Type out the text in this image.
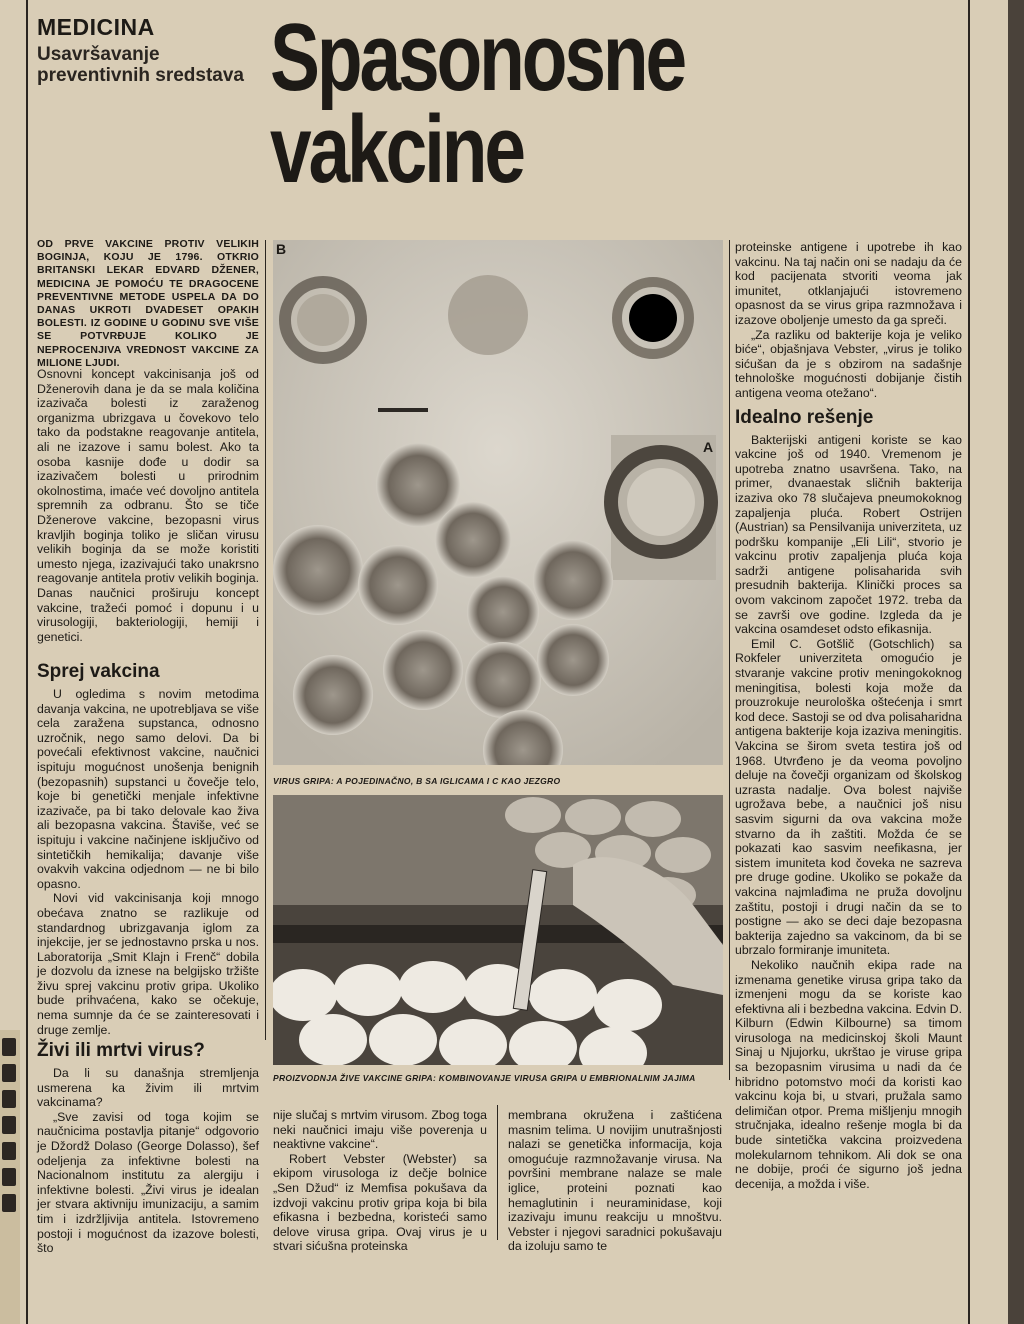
MEDICINA
Usavršavanje preventivnih sredstava Spasonosne
vakcine
OD PRVE VAKCINE PROTIV VELIKIH BOGINJA, KOJU JE 1796. OTKRIO BRITANSKI LEKAR EDVARD DŽENER, MEDICINA JE POMOĆU TE DRAGOCENE PREVENTIVNE METODE USPELA DA DO DANAS UKROTI DVADESET OPAKIH BOLESTI. IZ GODINE U GODINU SVE VIŠE SE POTVRĐUJE KOLIKO JE NEPROCENJIVA VREDNOST VAKCINE ZA MILIONE LJUDI.

Osnovni koncept vakcinisanja još od Dženerovih dana je da se mala količina izazivača bolesti iz zaraženog organizma ubrizgava u čovekovo telo tako da podstakne reagovanje antitela, ali ne izazove i samu bolest. Ako ta osoba kasnije dođe u dodir sa izazivačem bolesti u prirodnim okolnostima, imaće već dovoljno antitela spremnih za odbranu. Što se tiče Dženerove vakcine, bezopasni virus kravljih boginja toliko je sličan virusu velikih boginja da se može koristiti umesto njega, izazivajući tako unakrsno reagovanje antitela protiv velikih boginja. Danas naučnici proširuju koncept vakcine, tražeći pomoć i dopunu i u virusologiji, bakteriologiji, hemiji i genetici.

Sprej vakcina

U ogledima s novim metodima davanja vakcina, ne upotrebljava se više cela zaražena supstanca, odnosno uzročnik, nego samo delovi. Da bi povećali efektivnost vakcine, naučnici ispituju mogućnost unošenja benignih (bezopasnih) supstanci u čovečje telo, koje bi genetički menjale infektivne izazivače, pa bi tako delovale kao živa ali bezopasna vakcina. Štaviše, već se ispituju i vakcine načinjene isključivo od sintetičkih hemikalija; davanje više ovakvih vakcina odjednom — ne bi bilo opasno.

Novi vid vakcinisanja koji mnogo obećava znatno se razlikuje od standardnog ubrizgavanja iglom za injekcije, jer se jednostavno prska u nos. Laboratorija „Smit Klajn i Frenč“ dobila je dozvolu da iznese na belgijsko tržište živu sprej vakcinu protiv gripa. Ukoliko bude prihvaćena, kako se očekuje, nema sumnje da će se zainteresovati i druge zemlje.

Živi ili mrtvi virus?

Da li su današnja stremljenja usmerena ka živim ili mrtvim vakcinama?

„Sve zavisi od toga kojim se naučnicima postavlja pitanje“ odgovorio je Džordž Dolaso (George Dolasso), šef odeljenja za infektivne bolesti na Nacionalnom institutu za alergiju i infektivne bolesti. „Živi virus je idealan jer stvara aktivniju imunizaciju, a samim tim i izdržljivija antitela. Istovremeno postoji i mogućnost da izazove bolesti, što

A
B
VIRUS GRIPA: A POJEDINAČNO, B SA IGLICAMA I C KAO JEZGRO
PROIZVODNJA ŽIVE VAKCINE GRIPA: KOMBINOVANJE VIRUSA GRIPA U EMBRIONALNIM JAJIMA

nije slučaj s mrtvim virusom. Zbog toga neki naučnici imaju više poverenja u neaktivne vakcine“.

Robert Vebster (Webster) sa ekipom virusologa iz dečje bolnice „Sen Džud“ iz Memfisa pokušava da izdvoji vakcinu protiv gripa koja bi bila efikasna i bezbedna, koristeći samo delove virusa gripa. Ovaj virus je u stvari sićušna proteinska

membrana okružena i zaštićena masnim telima. U novijim unutrašnjosti nalazi se genetička informacija, koja omogućuje razmnožavanje virusa. Na površini membrane nalaze se male iglice, proteini poznati kao hemaglutinin i neuraminidase, koji izazivaju imunu reakciju u mnoštvu. Vebster i njegovi saradnici pokušavaju da izoluju samo te

proteinske antigene i upotrebe ih kao vakcinu. Na taj način oni se nadaju da će kod pacijenata stvoriti veoma jak imunitet, otklanjajući istovremeno opasnost da se virus gripa razmnožava i izazove oboljenje umesto da ga spreči.

„Za razliku od bakterije koja je veliko biće“, objašnjava Vebster, „virus je toliko sićušan da je s obzirom na sadašnje tehnološke mogućnosti dobijanje čistih antigena veoma otežano“.

Idealno rešenje

Bakterijski antigeni koriste se kao vakcine još od 1940. Vremenom je upotreba znatno usavršena. Tako, na primer, dvanaestak sličnih bakterija izaziva oko 78 slučajeva pneumokoknog zapaljenja pluća. Robert Ostrijen (Austrian) sa Pensilvanija univerziteta, uz podršku kompanije „Eli Lili“, stvorio je vakcinu protiv zapaljenja pluća koja sadrži antigene polisaharida svih presudnih bakterija. Klinički proces sa ovom vakcinom započet 1972. treba da se završi ove godine. Izgleda da je vakcina osamdeset odsto efikasnija.

Emil C. Gotšlič (Gotschlich) sa Rokfeler univerziteta omogućio je stvaranje vakcine protiv meningokoknog meningitisa, bolesti koja može da prouzrokuje neurološka oštećenja i smrt kod dece. Sastoji se od dva polisaharidna antigena bakterije koja izaziva meningitis. Vakcina se širom sveta testira još od 1968. Utvrđeno je da veoma povoljno deluje na čovečji organizam od školskog uzrasta nadalje. Ova bolest najviše ugrožava bebe, a naučnici još nisu sasvim sigurni da ova vakcina može stvarno da ih zaštiti. Možda će se pokazati kao sasvim neefikasna, jer sistem imuniteta kod čoveka ne sazreva pre druge godine. Ukoliko se pokaže da vakcina najmlađima ne pruža dovoljnu zaštitu, postoji i drugi način da se to postigne — ako se deci daje bezopasna bakterija zajedno sa vakcinom, da bi se ubrzalo formiranje imuniteta.

Nekoliko naučnih ekipa rade na izmenama genetike virusa gripa tako da izmenjeni mogu da se koriste kao efektivna ali i bezbedna vakcina. Edvin D. Kilburn (Edwin Kilbourne) sa timom virusologa na medicinskoj školi Maunt Sinaj u Njujorku, ukrštao je viruse gripa sa bezopasnim virusima u nadi da će hibridno potomstvo moći da koristi kao vakcinu koja bi, u stvari, pružala samo delimičan otpor. Prema mišljenju mnogih stručnjaka, idealno rešenje mogla bi da bude sintetička vakcina proizvedena molekularnom tehnikom. Ali dok se ona ne dobije, proći će sigurno još jedna decenija, a možda i više.
